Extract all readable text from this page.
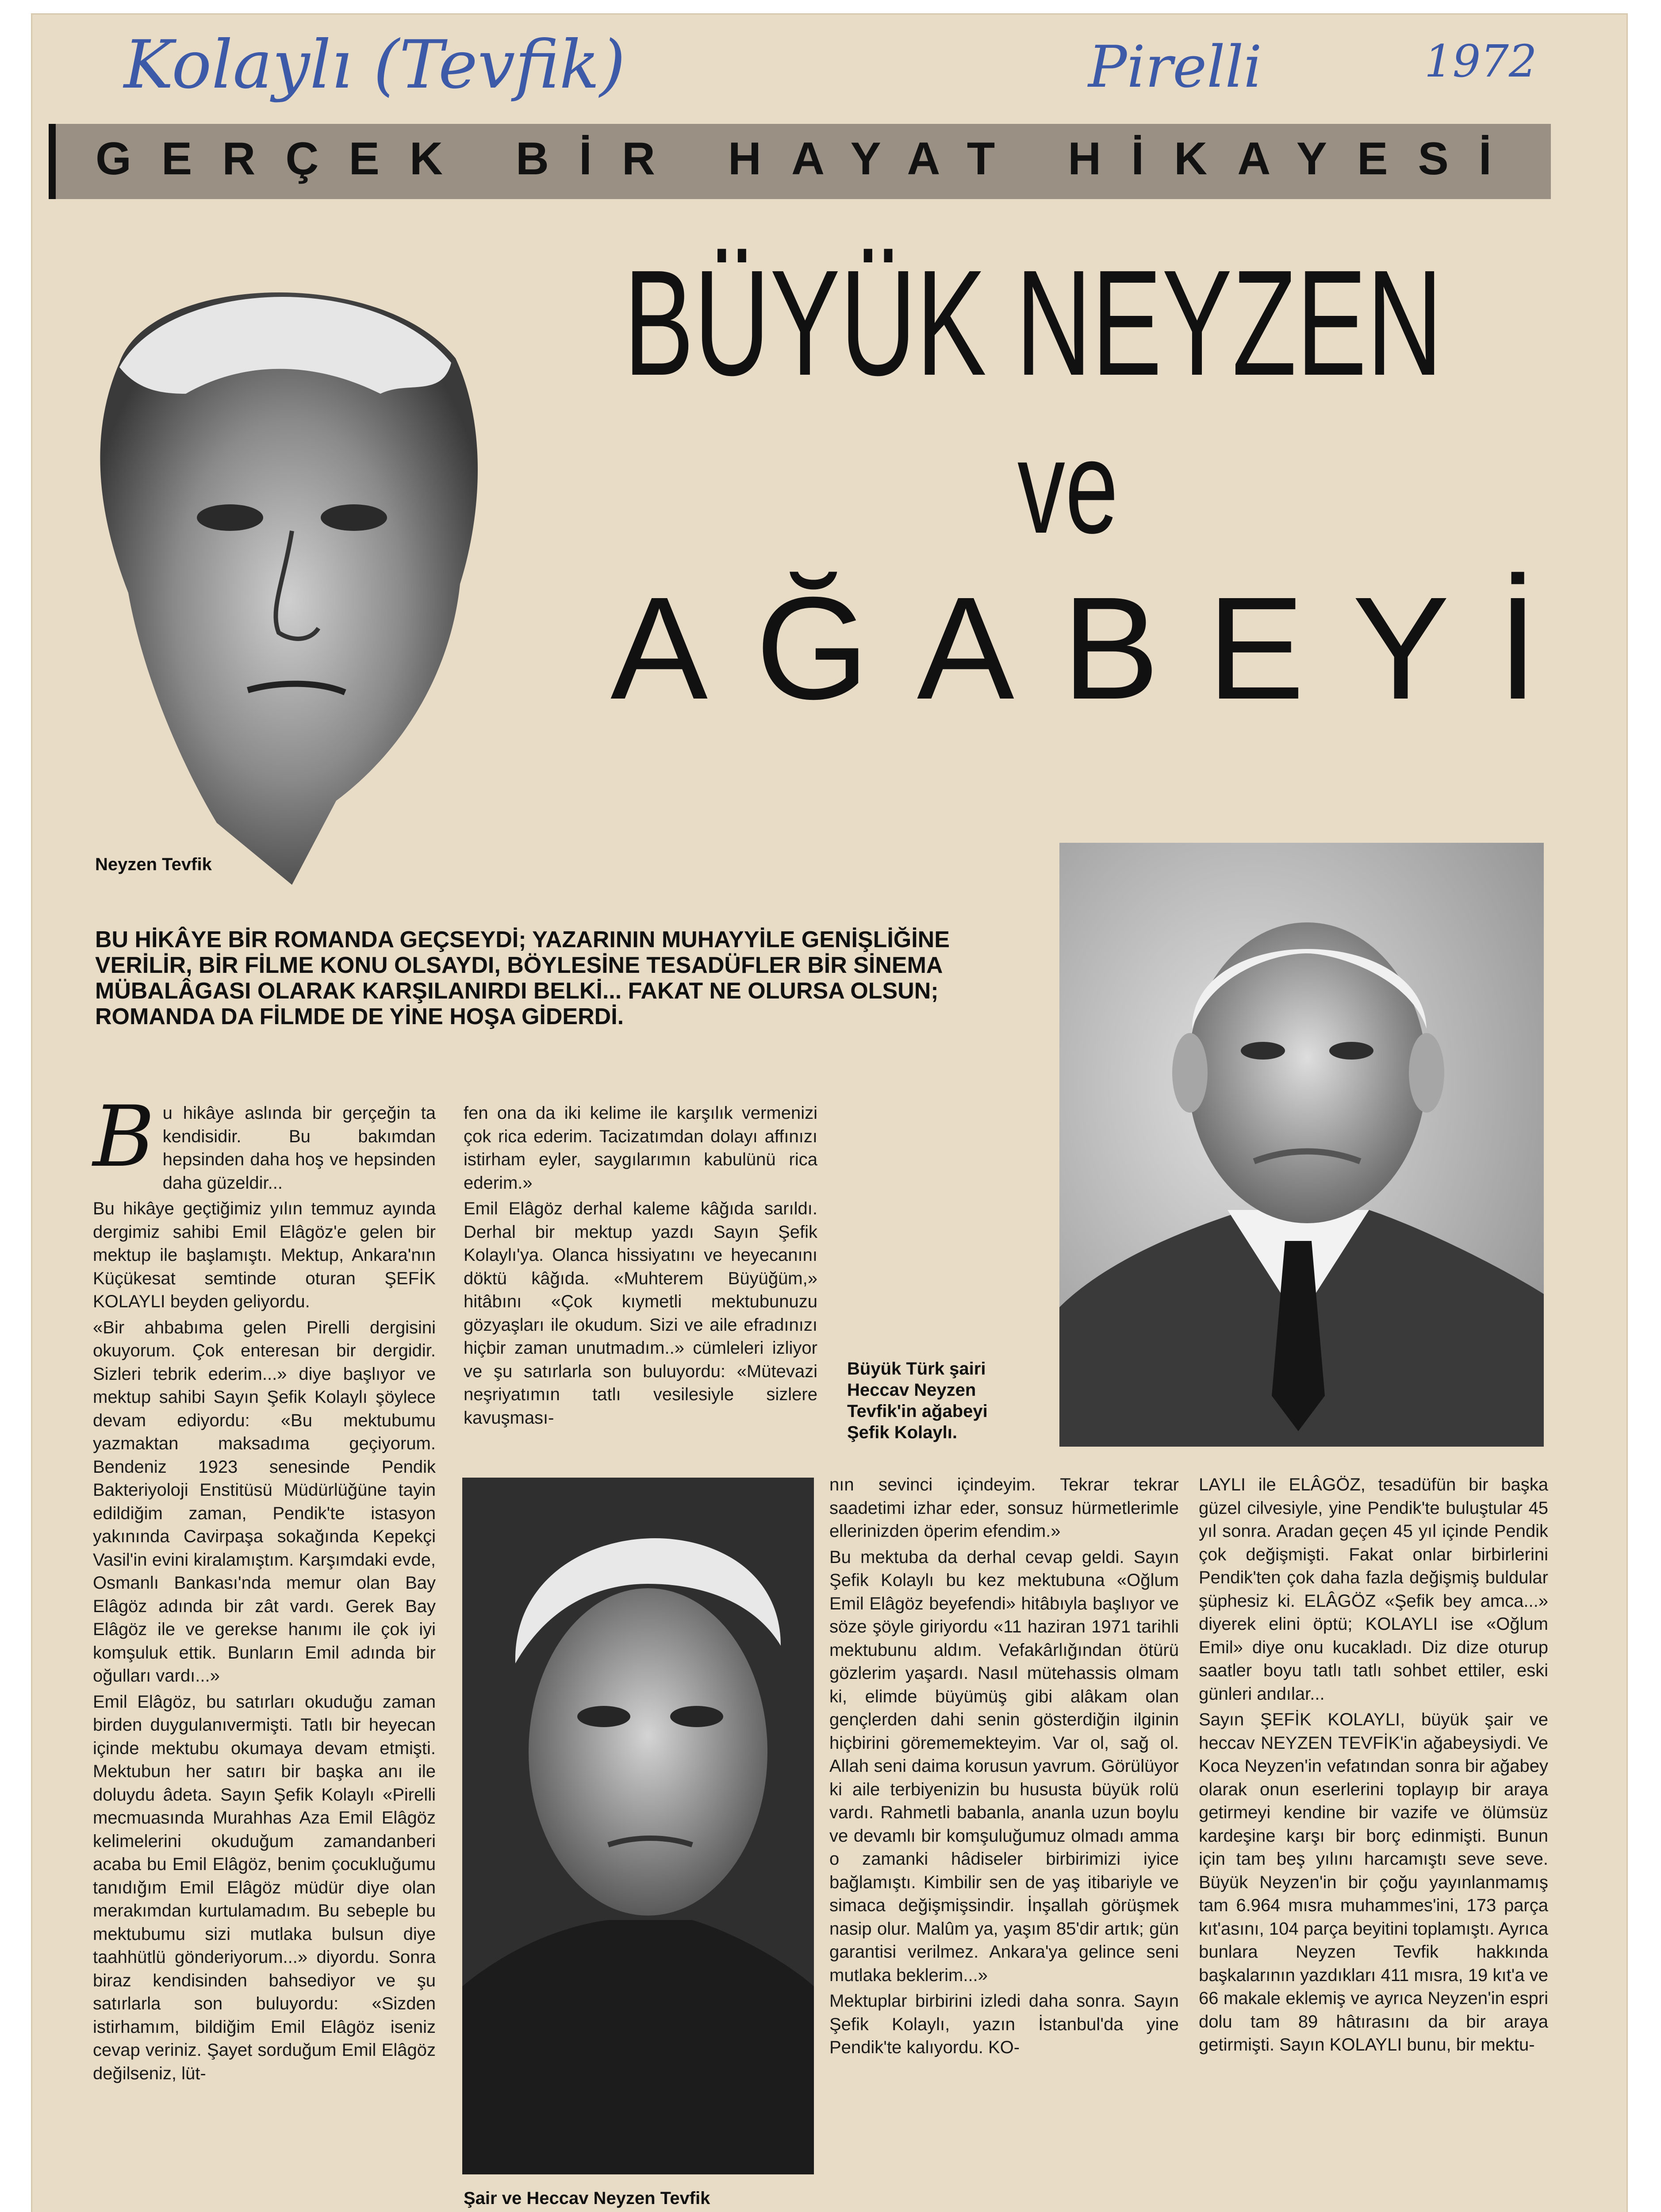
Kolaylı (Tevfik)	Pirelli	1972
GERÇEK BİR HAYAT HİKAYESİ
BÜYÜK NEYZEN
ve
AĞABEYİ
Neyzen Tevfik
Büyük Türk şairi Heccav Neyzen Tevfik'in ağabeyi Şefik Kolaylı.
Şair ve Heccav Neyzen Tevfik
BU HİKÂYE BİR ROMANDA GEÇSEYDİ; YAZARININ MUHAYYİLE GENİŞLİĞİNE VERİLİR, BİR FİLME KONU OLSAYDI, BÖYLESİNE TESADÜFLER BİR SİNEMA MÜBALÂGASI OLARAK KARŞILANIRDI BELKİ... FAKAT NE OLURSA OLSUN; ROMANDA DA FİLMDE DE YİNE HOŞA GİDERDİ.
B u hikâye aslında bir gerçeğin ta kendisidir. Bu bakımdan hepsinden daha hoş ve hepsinden daha güzeldir...

Bu hikâye geçtiğimiz yılın temmuz ayında dergimiz sahibi Emil Elâgöz'e gelen bir mektup ile başlamıştı. Mektup, Ankara'nın Küçükesat semtinde oturan ŞEFİK KOLAYLI beyden geliyordu.

«Bir ahbabıma gelen Pirelli dergisini okuyorum. Çok enteresan bir dergidir. Sizleri tebrik ederim...» diye başlıyor ve mektup sahibi Sayın Şefik Kolaylı şöylece devam ediyordu: «Bu mektubumu yazmaktan maksadıma geçiyorum. Bendeniz 1923 senesinde Pendik Bakteriyoloji Enstitüsü Müdürlüğüne tayin edildiğim zaman, Pendik'te istasyon yakınında Cavirpaşa sokağında Kepekçi Vasil'in evini kiralamıştım. Karşımdaki evde, Osmanlı Bankası'nda memur olan Bay Elâgöz adında bir zât vardı. Gerek Bay Elâgöz ile ve gerekse hanımı ile çok iyi komşuluk ettik. Bunların Emil adında bir oğulları vardı...»

Emil Elâgöz, bu satırları okuduğu zaman birden duygulanıvermişti. Tatlı bir heyecan içinde mektubu okumaya devam etmişti. Mektubun her satırı bir başka anı ile doluydu âdeta. Sayın Şefik Kolaylı «Pirelli mecmuasında Murahhas Aza Emil Elâgöz kelimelerini okuduğum zamandanberi acaba bu Emil Elâgöz, benim çocukluğumu tanıdığım Emil Elâgöz müdür diye olan merakımdan kurtulamadım. Bu sebeple bu mektubumu sizi mutlaka bulsun diye taahhütlü gönderiyorum...» diyordu. Sonra biraz kendisinden bahsediyor ve şu satırlarla son buluyordu: «Sizden istirhamım, bildiğim Emil Elâgöz iseniz cevap veriniz. Şayet sorduğum Emil Elâgöz değilseniz, lüt-

fen ona da iki kelime ile karşılık vermenizi çok rica ederim. Tacizatımdan dolayı affınızı istirham eyler, saygılarımın kabulünü rica ederim.»

Emil Elâgöz derhal kaleme kâğıda sarıldı. Derhal bir mektup yazdı Sayın Şefik Kolaylı'ya. Olanca hissiyatını ve heyecanını döktü kâğıda. «Muhterem Büyüğüm,» hitâbını «Çok kıymetli mektubunuzu gözyaşları ile okudum. Sizi ve aile efradınızı hiçbir zaman unutmadım..» cümleleri izliyor ve şu satırlarla son buluyordu: «Mütevazi neşriyatımın tatlı vesilesiyle sizlere kavuşması-

nın sevinci içindeyim. Tekrar tekrar saadetimi izhar eder, sonsuz hürmetlerimle ellerinizden öperim efendim.»

Bu mektuba da derhal cevap geldi. Sayın Şefik Kolaylı bu kez mektubuna «Oğlum Emil Elâgöz beyefendi» hitâbıyla başlıyor ve söze şöyle giriyordu «11 haziran 1971 tarihli mektubunu aldım. Vefakârlığından ötürü gözlerim yaşardı. Nasıl mütehassis olmam ki, elimde büyümüş gibi alâkam olan gençlerden dahi senin gösterdiğin ilginin hiçbirini görememekteyim. Var ol, sağ ol. Allah seni daima korusun yavrum. Görülüyor ki aile terbiyenizin bu hususta büyük rolü vardı. Rahmetli babanla, ananla uzun boylu ve devamlı bir komşuluğumuz olmadı amma o zamanki hâdiseler birbirimizi iyice bağlamıştı. Kimbilir sen de yaş itibariyle ve simaca değişmişsindir. İnşallah görüşmek nasip olur. Malûm ya, yaşım 85'dir artık; gün garantisi verilmez. Ankara'ya gelince seni mutlaka beklerim...»

Mektuplar birbirini izledi daha sonra. Sayın Şefik Kolaylı, yazın İstanbul'da yine Pendik'te kalıyordu. KO-

LAYLI ile ELÂGÖZ, tesadüfün bir başka güzel cilvesiyle, yine Pendik'te buluştular 45 yıl sonra. Aradan geçen 45 yıl içinde Pendik çok değişmişti. Fakat onlar birbirlerini Pendik'ten çok daha fazla değişmiş buldular şüphesiz ki. ELÂGÖZ «Şefik bey amca...» diyerek elini öptü; KOLAYLI ise «Oğlum Emil» diye onu kucakladı. Diz dize oturup saatler boyu tatlı tatlı sohbet ettiler, eski günleri andılar...

Sayın ŞEFİK KOLAYLI, büyük şair ve heccav NEYZEN TEVFİK'in ağabeysiydi. Ve Koca Neyzen'in vefatından sonra bir ağabey olarak onun eserlerini toplayıp bir araya getirmeyi kendine bir vazife ve ölümsüz kardeşine karşı bir borç edinmişti. Bunun için tam beş yılını harcamıştı seve seve. Büyük Neyzen'in bir çoğu yayınlanmamış tam 6.964 mısra muhammes'ini, 173 parça kıt'asını, 104 parça beyitini toplamıştı. Ayrıca bunlara Neyzen Tevfik hakkında başkalarının yazdıkları 411 mısra, 19 kıt'a ve 66 makale eklemiş ve ayrıca Neyzen'in espri dolu tam 89 hâtırasını da bir araya getirmişti. Sayın KOLAYLI bunu, bir mektu-
